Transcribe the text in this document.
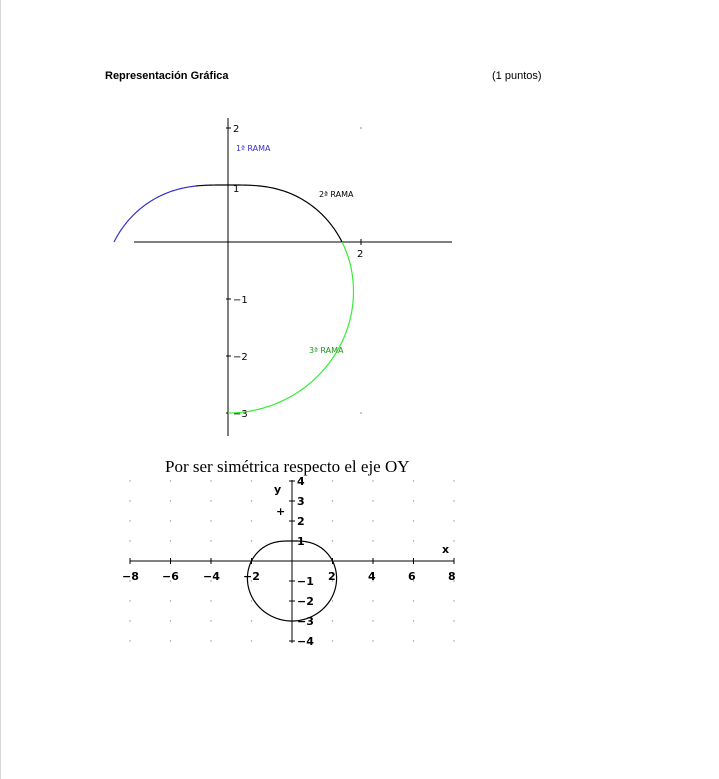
Representación Gráfica	(1 puntos)
2
1
−1
−2
−3
2
1ª RAMA
2ª RAMA
3ª RAMA
Por ser simétrica respecto el eje OY
−8 −6 −4 −2	2	4	6	8
4
3
2
1
−1
−2
−3
−4
x
y
+
